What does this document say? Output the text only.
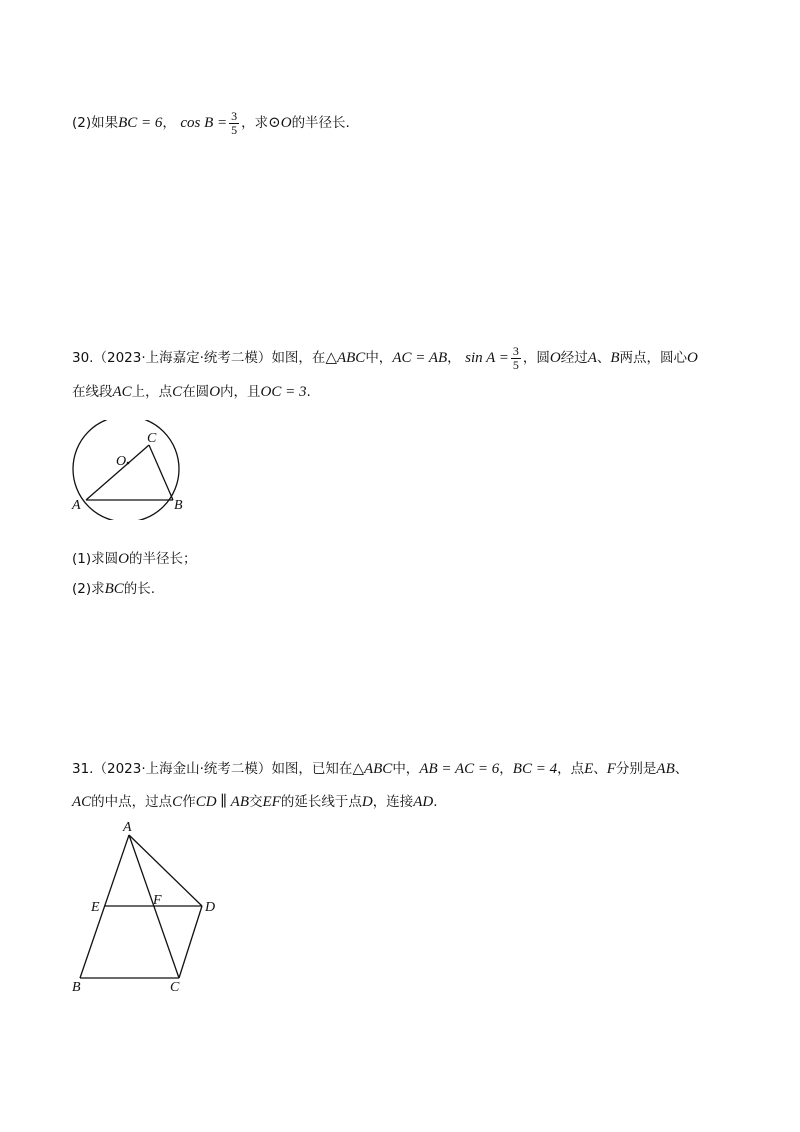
(2)如果BC = 6， $\cos B = \frac{3}{5}$ ，求⊙O的半径长.
30.（2023·上海嘉定·统考二模）如图，在△ABC中，AC = AB， $\sin A = \frac{3}{5}$ ，圆O经过A、B两点，圆心O
在线段AC上，点C在圆O内，且OC = 3.
A	B
C
O
(1)求圆O的半径长；
(2)求BC的长.
31.（2023·上海金山·统考二模）如图，已知在△ABC中，AB = AC = 6，BC = 4，点E、F分别是AB、
AC的中点，过点C作CD ∥ AB交EF的延长线于点D，连接AD.
A
B	C
D
E	F
